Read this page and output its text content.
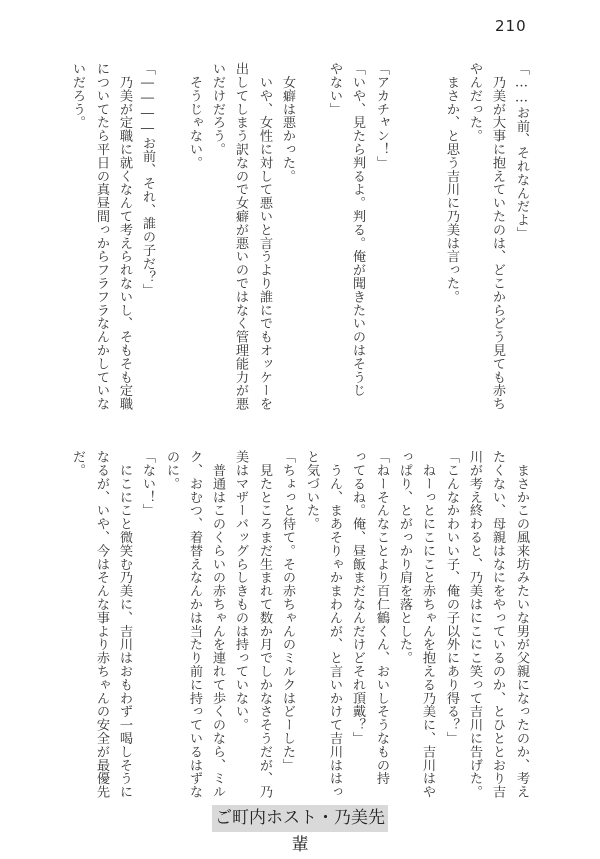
210
「……お前、それなんだよ」
　乃美が大事に抱えていたのは、どこからどう見ても赤ち
やんだった。
　まさか、と思う吉川に乃美は言った。
「アカチャン！」
「いや、見たら判るよ。判る。俺が聞きたいのはそうじ
やない」
　女癖は悪かった。
　いや、女性に対して悪いと言うより誰にでもオッケーを
出してしまう訳なので女癖が悪いのではなく管理能力が悪
いだけだろう。
　そうじゃない。
「――――お前、それ、誰の子だ？」
　乃美が定職に就くなんて考えられないし、そもそも定職
についてたら平日の真昼間っからフラフラなんかしていな
いだろう。
　まさかこの風来坊みたいな男が父親になったのか、考え
たくない、母親はなにをやっているのか、とひととおり吉
川が考え終わると、乃美はにこにこ笑って吉川に告げた。
「こんなかわいい子、俺の子以外にあり得る？」
　ねーっとにこにこと赤ちゃんを抱える乃美に、吉川はや
っぱり、とがっかり肩を落とした。
「ねーそんなことより百仁鶴くん、おいしそうなもの持
ってるね。俺、昼飯まだなんだけどそれ頂戴？」
　うん、まあそりゃかまわんが、と言いかけて吉川ははっ
と気づいた。
「ちょっと待て。その赤ちゃんのミルクはどーした」
　見たところまだ生まれて数か月でしかなさそうだが、乃
美はマザーバッグらしきものは持っていない。
　普通はこのくらいの赤ちゃんを連れて歩くのなら、ミル
ク、おむつ、着替えなんかは当たり前に持っているはずな
のに。
「ない！」
　にこにこと微笑む乃美に、吉川はおもわず一喝しそうに
なるが、いや、今はそんな事より赤ちゃんの安全が最優先
だ。
ご町内ホスト・乃美先輩
